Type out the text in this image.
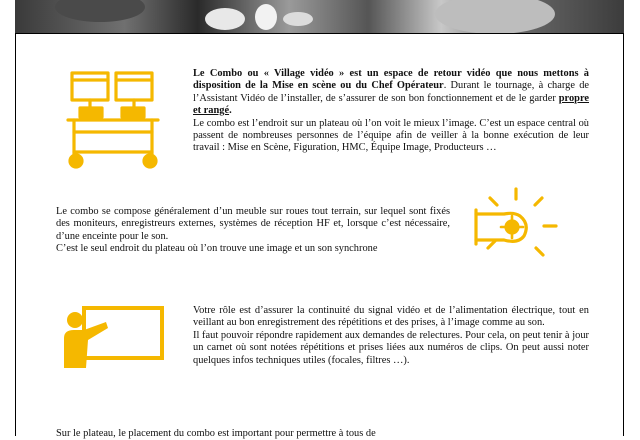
Le Combo ou « Village vidéo » est un espace de retour vidéo que nous mettons à disposition de la Mise en scène ou du Chef Opérateur. Durant le tournage, à charge de l’Assistant Vidéo de l’installer, de s’assurer de son bon fonctionnement et de le garder propre et rangé.

Le combo est l’endroit sur un plateau où l’on voit le mieux l’image. C’est un espace central où passent de nombreuses personnes de l’équipe afin de veiller à la bonne exécution de leur travail : Mise en Scène, Figuration, HMC, Équipe Image, Producteurs …

Le combo se compose généralement d’un meuble sur roues tout terrain, sur lequel sont fixés des moniteurs, enregistreurs externes, systèmes de réception HF et, lorsque c’est nécessaire, d’une enceinte pour le son.

C’est le seul endroit du plateau où l’on trouve une image et un son synchrone

Votre rôle est d’assurer la continuité du signal vidéo et de l’alimentation électrique, tout en veillant au bon enregistrement des répétitions et des prises, à l’image comme au son.

Il faut pouvoir répondre rapidement aux demandes de relectures. Pour cela, on peut tenir à jour un carnet où sont notées répétitions et prises liées aux numéros de clips. On peut aussi noter quelques infos techniques utiles (focales, filtres …).

Sur le plateau, le placement du combo est important pour permettre à tous de
